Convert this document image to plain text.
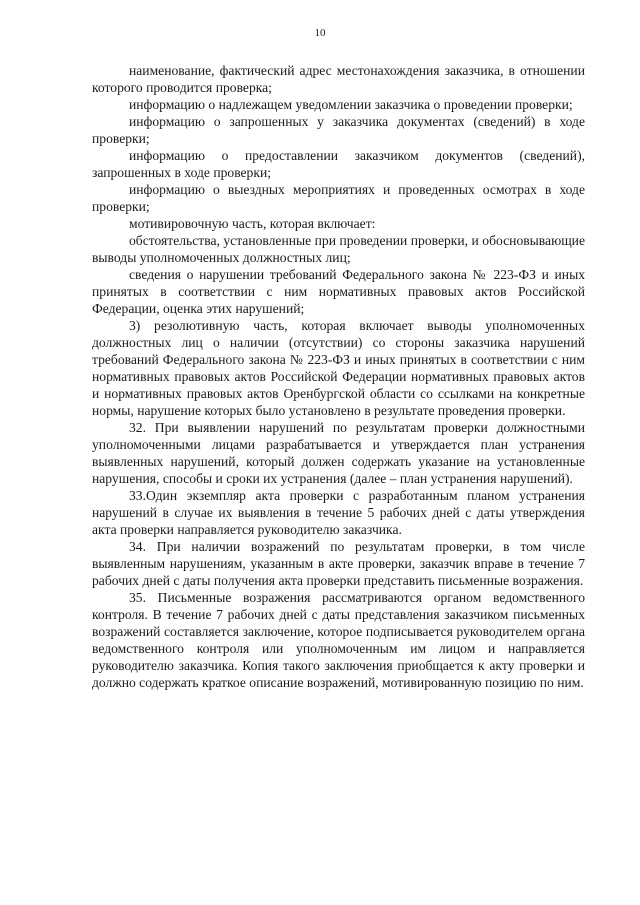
10

наименование, фактический адрес местонахождения заказчика, в отношении которого проводится проверка;

информацию о надлежащем уведомлении заказчика о проведении проверки;

информацию о запрошенных у заказчика документах (сведений) в ходе проверки;

информацию о предоставлении заказчиком документов (сведений), запрошенных в ходе проверки;

информацию о выездных мероприятиях и проведенных осмотрах в ходе проверки;

мотивировочную часть, которая включает:

обстоятельства, установленные при проведении проверки, и обосновывающие выводы уполномоченных должностных лиц;

сведения о нарушении требований Федерального закона № 223-ФЗ и иных принятых в соответствии с ним нормативных правовых актов Российской Федерации, оценка этих нарушений;

3) резолютивную часть, которая включает выводы уполномоченных должностных лиц о наличии (отсутствии) со стороны заказчика нарушений требований Федерального закона № 223-ФЗ и иных принятых в соответствии с ним нормативных правовых актов Российской Федерации нормативных правовых актов и нормативных правовых актов Оренбургской области со ссылками на конкретные нормы, нарушение которых было установлено в результате проведения проверки.

32. При выявлении нарушений по результатам проверки должностными уполномоченными лицами разрабатывается и утверждается план устранения выявленных нарушений, который должен содержать указание на установленные нарушения, способы и сроки их устранения (далее – план устранения нарушений).

33.Один экземпляр акта проверки с разработанным планом устранения нарушений в случае их выявления в течение 5 рабочих дней с даты утверждения акта проверки направляется руководителю заказчика.

34. При наличии возражений по результатам проверки, в том числе выявленным нарушениям, указанным в акте проверки, заказчик вправе в течение 7 рабочих дней с даты получения акта проверки представить письменные возражения.

35. Письменные возражения рассматриваются органом ведомственного контроля. В течение 7 рабочих дней с даты представления заказчиком письменных возражений составляется заключение, которое подписывается руководителем органа ведомственного контроля или уполномоченным им лицом и направляется руководителю заказчика. Копия такого заключения приобщается к акту проверки и должно содержать краткое описание возражений, мотивированную позицию по ним.
